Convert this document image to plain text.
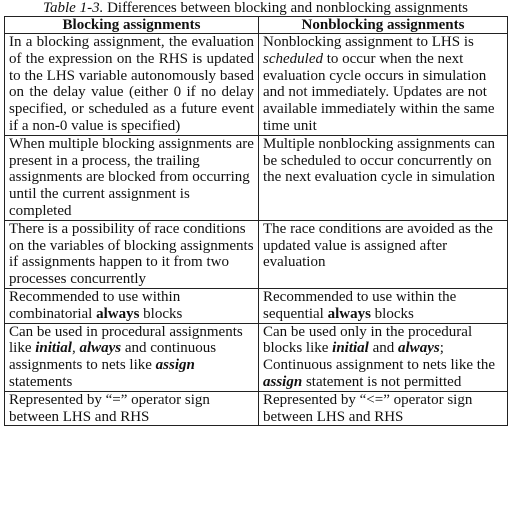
Table 1-3. Differences between blocking and nonblocking assignments
Blocking assignments	Nonblocking assignments
In a blocking assignment, the evaluation of the expression on the RHS is updated to the LHS variable autonomously based on the delay value (either 0 if no delay specified, or scheduled as a future event if a non-0 value is specified)	Nonblocking assignment to LHS is scheduled to occur when the next evaluation cycle occurs in simulation and not immediately. Updates are not available immediately within the same time unit
When multiple blocking assignments are present in a process, the trailing assignments are blocked from occurring until the current assignment is completed	Multiple nonblocking assignments can be scheduled to occur concurrently on the next evaluation cycle in simulation
There is a possibility of race conditions on the variables of blocking assignments if assignments happen to it from two processes concurrently	The race conditions are avoided as the updated value is assigned after evaluation
Recommended to use within combinatorial always blocks	Recommended to use within the sequential always blocks
Can be used in procedural assignments like initial, always and continuous assignments to nets like assign statements	Can be used only in the procedural blocks like initial and always; Continuous assignment to nets like the assign statement is not permitted
Represented by “=” operator sign between LHS and RHS	Represented by “<=” operator sign between LHS and RHS
